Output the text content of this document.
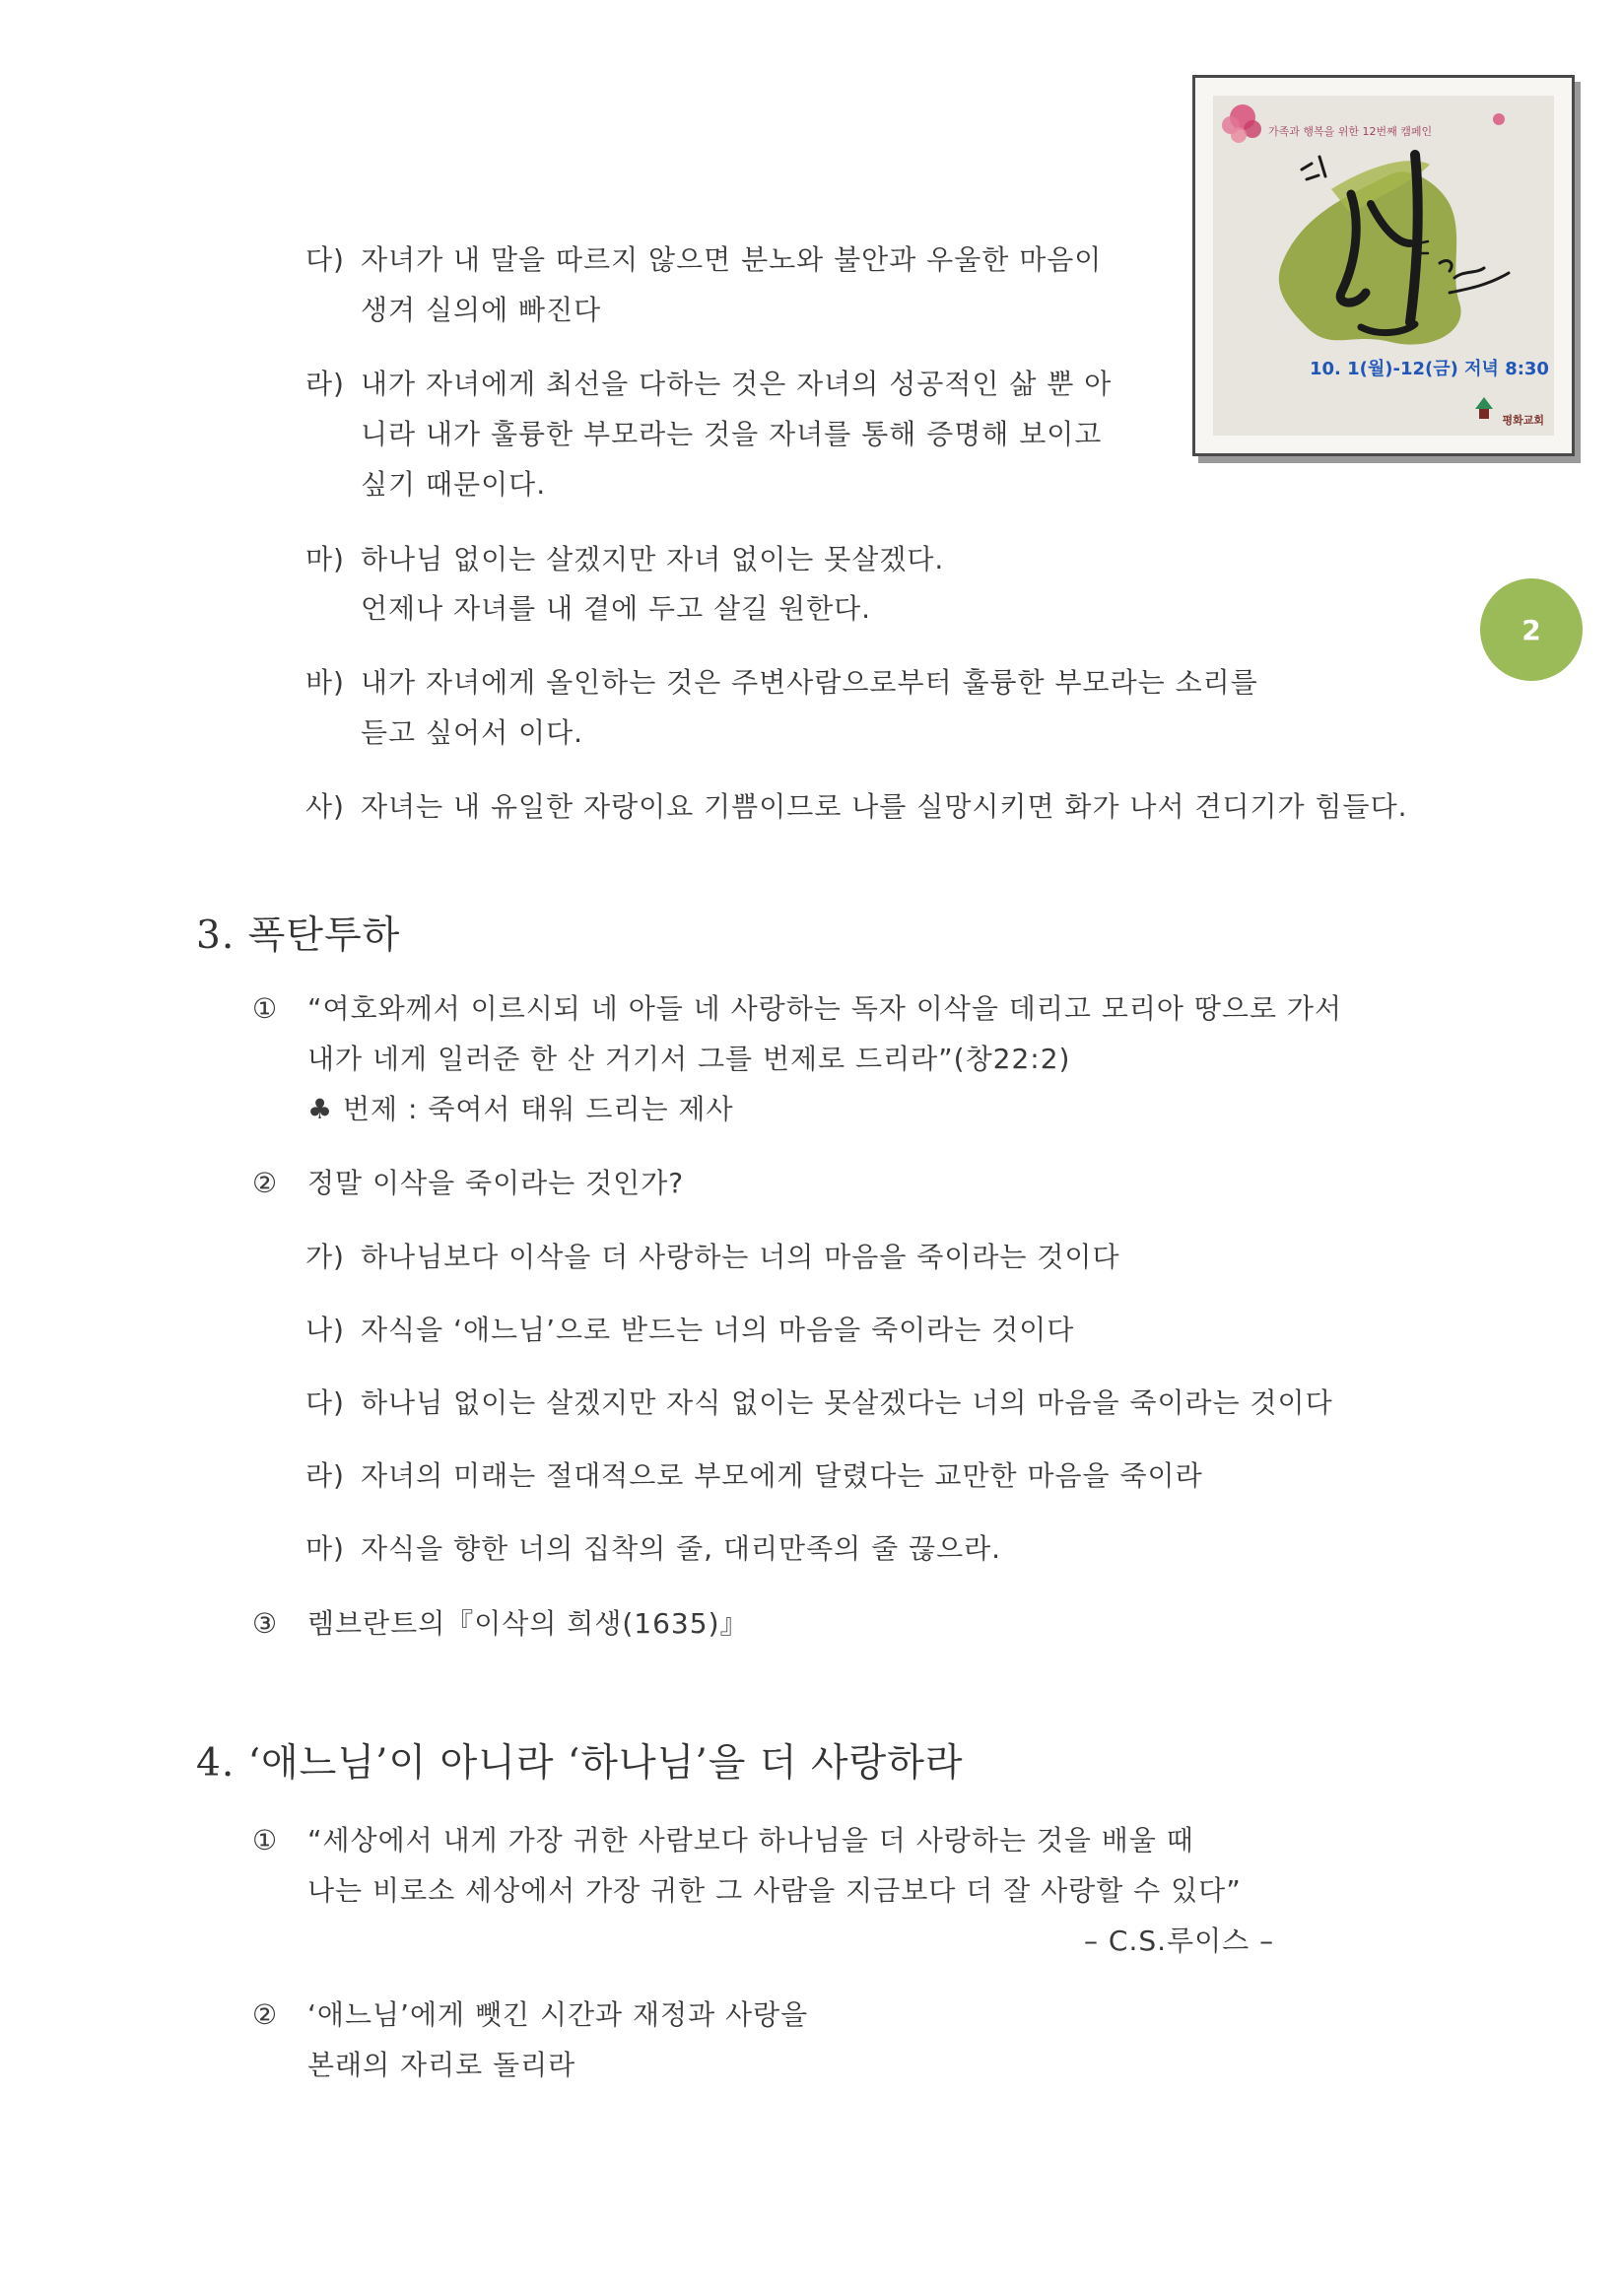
가족과 행복을 위한 12번째 캠페인
10. 1(월)-12(금) 저녁 8:30
평화교회
2
다) 자녀가 내 말을 따르지 않으면 분노와 불안과 우울한 마음이
생겨 실의에 빠진다
라) 내가 자녀에게 최선을 다하는 것은 자녀의 성공적인 삶 뿐 아
니라 내가 훌륭한 부모라는 것을 자녀를 통해 증명해 보이고
싶기 때문이다.
마) 하나님 없이는 살겠지만 자녀 없이는 못살겠다.
언제나 자녀를 내 곁에 두고 살길 원한다.
바) 내가 자녀에게 올인하는 것은 주변사람으로부터 훌륭한 부모라는 소리를
듣고 싶어서 이다.
사) 자녀는 내 유일한 자랑이요 기쁨이므로 나를 실망시키면 화가 나서 견디기가 힘들다.
3. 폭탄투하
① “여호와께서 이르시되 네 아들 네 사랑하는 독자 이삭을 데리고 모리아 땅으로 가서
내가 네게 일러준 한 산 거기서 그를 번제로 드리라”(창22:2)
♣ 번제 : 죽여서 태워 드리는 제사
② 정말 이삭을 죽이라는 것인가?
가) 하나님보다 이삭을 더 사랑하는 너의 마음을 죽이라는 것이다
나) 자식을 ‘애느님’으로 받드는 너의 마음을 죽이라는 것이다
다) 하나님 없이는 살겠지만 자식 없이는 못살겠다는 너의 마음을 죽이라는 것이다
라) 자녀의 미래는 절대적으로 부모에게 달렸다는 교만한 마음을 죽이라
마) 자식을 향한 너의 집착의 줄, 대리만족의 줄 끊으라.
③ 렘브란트의『이삭의 희생(1635)』
4. ‘애느님’이 아니라 ‘하나님’을 더 사랑하라
① “세상에서 내게 가장 귀한 사람보다 하나님을 더 사랑하는 것을 배울 때
나는 비로소 세상에서 가장 귀한 그 사람을 지금보다 더 잘 사랑할 수 있다”
– C.S.루이스 –
② ‘애느님’에게 뺏긴 시간과 재정과 사랑을
본래의 자리로 돌리라
